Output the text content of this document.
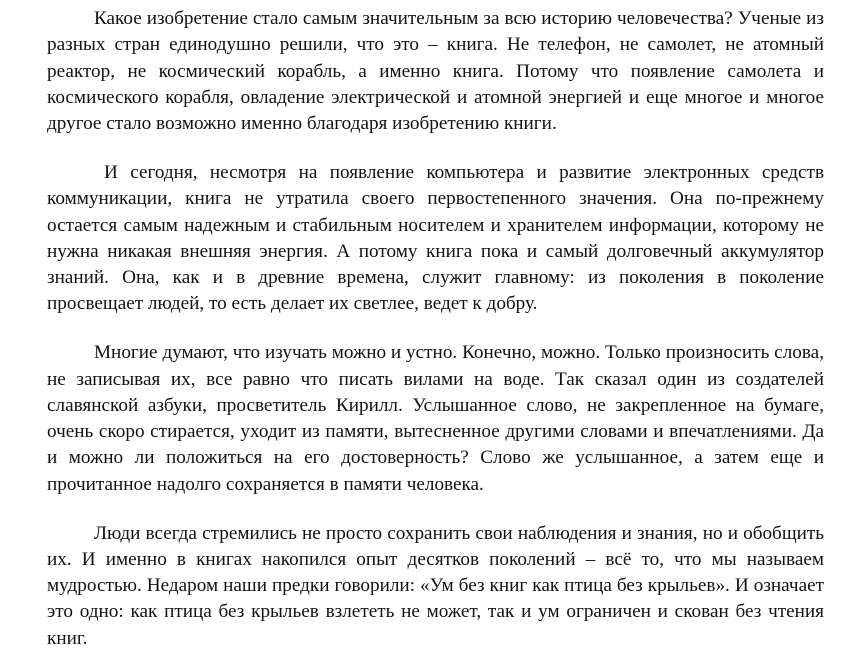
Какое изобретение стало самым значительным за всю историю человечества? Ученые из разных стран единодушно решили, что это – книга. Не телефон, не самолет, не атомный реактор, не космический корабль, а именно книга. Потому что появление самолета и космического корабля, овладение электрической и атомной энергией и еще многое и многое другое стало возможно именно благодаря изобретению книги.

И сегодня, несмотря на появление компьютера и развитие электронных средств коммуникации, книга не утратила своего первостепенного значения. Она по-прежнему остается самым надежным и стабильным носителем и хранителем информации, которому не нужна никакая внешняя энергия. А потому книга пока и самый долговечный аккумулятор знаний. Она, как и в древние времена, служит главному: из поколения в поколение просвещает людей, то есть делает их светлее, ведет к добру.

Многие думают, что изучать можно и устно. Конечно, можно. Только произносить слова, не записывая их, все равно что писать вилами на воде. Так сказал один из создателей славянской азбуки, просветитель Кирилл. Услышанное слово, не закрепленное на бумаге, очень скоро стирается, уходит из памяти, вытесненное другими словами и впечатлениями. Да и можно ли положиться на его достоверность? Слово же услышанное, а затем еще и прочитанное надолго сохраняется в памяти человека.

Люди всегда стремились не просто сохранить свои наблюдения и знания, но и обобщить их. И именно в книгах накопился опыт десятков поколений – всё то, что мы называем мудростью. Недаром наши предки говорили: «Ум без книг как птица без крыльев». И означает это одно: как птица без крыльев взлететь не может, так и ум ограничен и скован без чтения книг.
